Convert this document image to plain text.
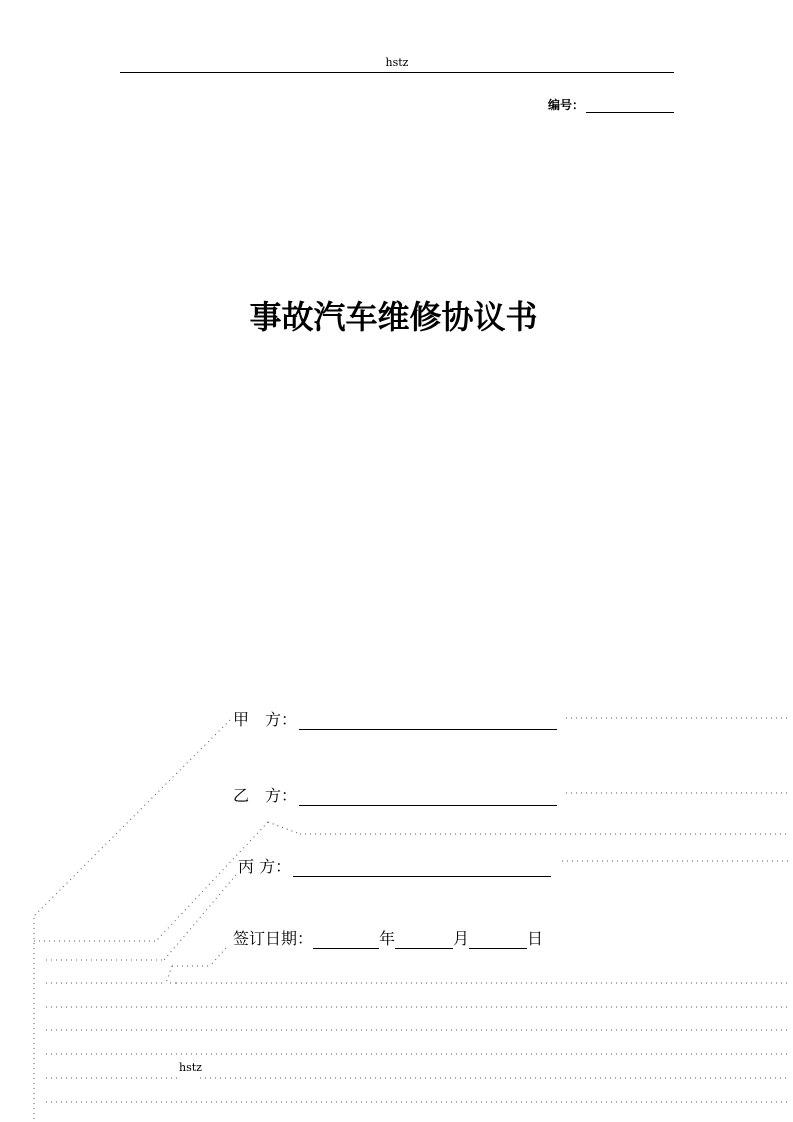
hstz
编号：
事故汽车维修协议书
甲　方：
乙　方：
丙 方：
签订日期：	年	月	日
hstz
